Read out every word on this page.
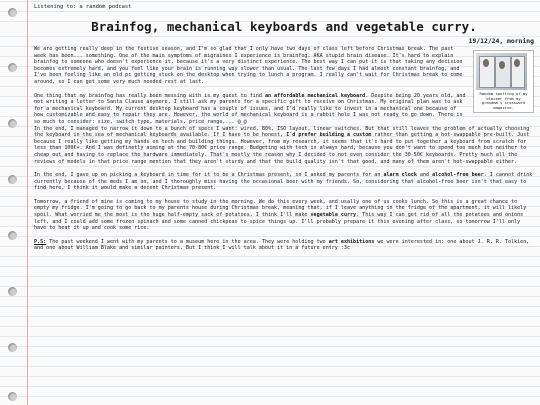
Listening to: a random podcast
Brainfog, mechanical keyboards and vegetable curry.
19/12/24, morning
Random spotting of my blocker from my grandma's crossword magazine.

We are getting really deep in the festive season, and I'm so glad that I only have two days of class left before Christmas break. The past week has been... something. One of the main symptoms of migraines I experience is brainfog, AKA stupid brain disease. It's hard to explain brainfog to someone who doesn't experience it, because it's a very distinct experience. The best way I can put it is that taking any decision becomes extremely hard, and you feel like your brain is running way slower than usual. The last few days I had almost constant brainfog, and I've been feeling like an old pc getting stuck on the desktop when trying to lunch a program. I really can't wait for Christmas break to come around, so I can get some very much needed rest at last.

One thing that my brainfog has really been messing with is my quest to find an affordable mechanical keyboard. Despite being 20 years old, and not writing a letter to Santa Clause anymore, I still ask my parents for a specific gift to receive on Christmas. My original plan was to ask for a mechanical keyboard. My current desktop keyboard has a couple of issues, and I'd really like to invest in a mechanical one because of how customizable and easy to repair they are. However, the world of mechanical keyboard is a rabbit hole I was not ready to go down. There is so much to consider: size, switch type, materials, price range,... @_@

In the end, I managed to narrow it down to a bunch of specs I want: wired, 80%, ISO layout, linear switches. But that still leaves the problem of actually choosing the keyboard in the sea of mechanical keyboards available. If I have to be honest, I'd prefer building a custom rather than getting a hot-swappable pre-built. Just because I really like getting my hands on tech and building things. However, from my research, it seems that it's hard to put together a keyboard from scratch for less than 100€+. And I was definetly aiming at the 70-80€ price range. Budgeting with tech is always hard, because you don't want to spend too much but neither to cheap out and having to replace the hardware immediately. That's mostly the reason why I decided to not even consider the 30-50€ keyboards. Pretty much all the reviews of models in that price range mention that they aren't sturdy and that the build quality isn't that good, and many of them aren't hot-swappable either.

In the end, I gave up on picking a keyboard in time for it to be a Christmas present, so I asked my parents for an alarm clock and alcohol-free beer. I cannot drink currently because of the meds I am on, and I thoroughly miss having the occasional beer with my friends. So, considering that alcohol-free beer isn't that easy to find here, I think it would make a decent Christmas present.

Tomorrow, a friend of mine is coming to my house to study in the morning. We do this every week, and usally one of us cooks lunch. So this is a great chance to empty my fridge. I'm going to go back to my parents house during Christmas break, meaning that, if I leave anything in the fridge of the apartment, it will likely spoil. What worried me the most is the huge half-empty sack of potatoes. I think I'll make vegetable curry. This way I can get rid of all the potatoes and onions left, and I could add some frozen spinach and some canned chickpeas to spice things up. I'll probably prepare it this evening after class, so tomorrow I'll only have to heat it up and cook some rice.

P.S: The past weekend I went with my parents to a museum here in the area. They were holding two art exhibitions we were interested in: one about J. R. R. Tolkien, and one about William Blake and similar painters. But I think I will talk about it in a future entry :3c
